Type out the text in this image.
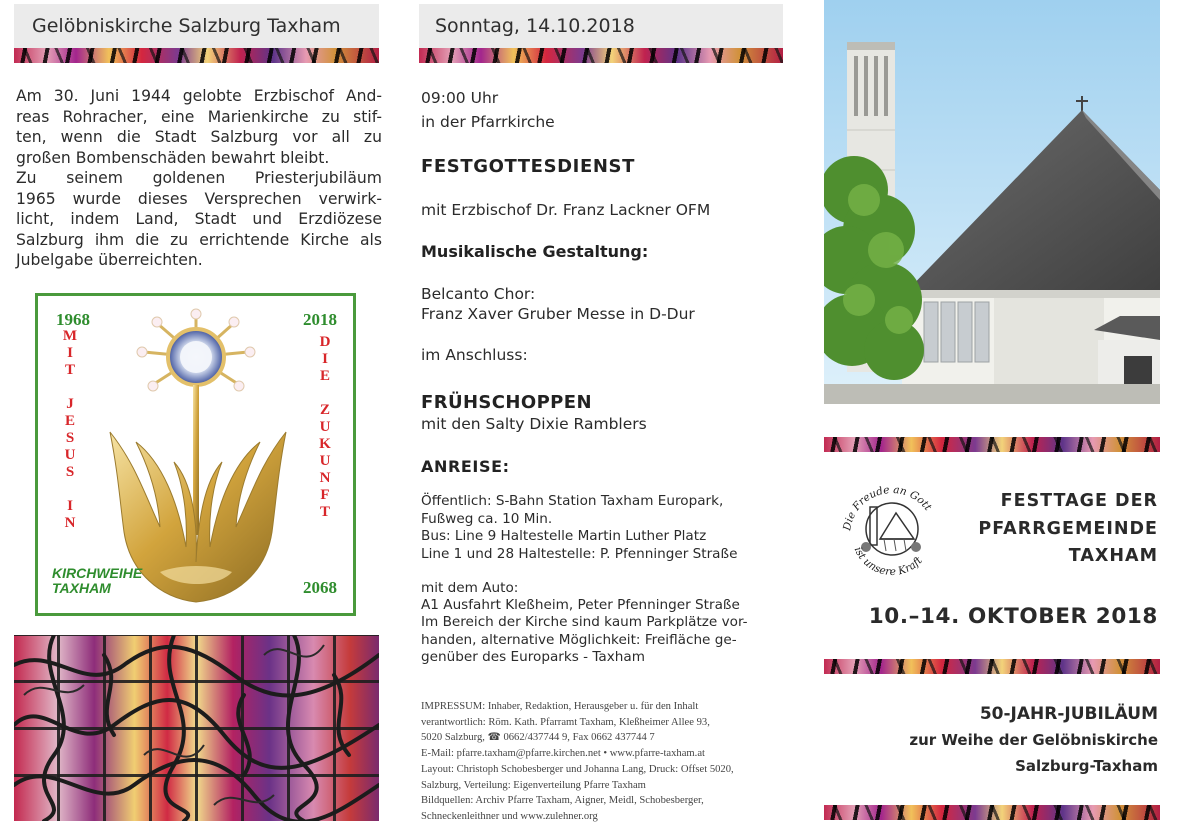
Gelöbniskirche Salzburg Taxham
Am 30. Juni 1944 gelobte Erzbischof And-
reas Rohracher, eine Marienkirche zu stif-
ten, wenn die Stadt Salzburg vor all zu
großen Bombenschäden bewahrt bleibt.
Zu seinem goldenen Priesterjubiläum
1965 wurde dieses Versprechen verwirk-
licht, indem Land, Stadt und Erzdiözese
Salzburg ihm die zu errichtende Kirche als
Jubelgabe überreichten.
1968	2018
2068
M
I
T
J
E
S
U
S
I
N
D
I
E
Z
U
K
U
N
F
T
KIRCHWEIHE
TAXHAM
Sonntag, 14.10.2018
09:00 Uhr
in der Pfarrkirche
FESTGOTTESDIENST
mit Erzbischof Dr. Franz Lackner OFM
Musikalische Gestaltung:
Belcanto Chor:
Franz Xaver Gruber Messe in D-Dur
im Anschluss:
FRÜHSCHOPPEN
mit den Salty Dixie Ramblers
ANREISE:
Öffentlich: S-Bahn Station Taxham Europark,
Fußweg ca. 10 Min.
Bus: Line 9 Haltestelle Martin Luther Platz
Line 1 und 28 Haltestelle: P. Pfenninger Straße
mit dem Auto:
A1 Ausfahrt Kleßheim, Peter Pfenninger Straße
Im Bereich der Kirche sind kaum Parkplätze vor-
handen, alternative Möglichkeit: Freifläche ge-
genüber des Europarks - Taxham
IMPRESSUM: Inhaber, Redaktion, Herausgeber u. für den Inhalt
verantwortlich: Röm. Kath. Pfarramt Taxham, Kleßheimer Allee 93,
5020 Salzburg, ☎ 0662/437744 9, Fax 0662 437744 7
E-Mail: pfarre.taxham@pfarre.kirchen.net • www.pfarre-taxham.at
Layout: Christoph Schobesberger und Johanna Lang, Druck: Offset 5020,
Salzburg, Verteilung: Eigenverteilung Pfarre Taxham
Bildquellen: Archiv Pfarre Taxham, Aigner, Meidl, Schobesberger,
Schneckenleithner und www.zulehner.org
Die Freude an Gott
ist unsere Kraft
FESTTAGE DER
PFARRGEMEINDE
TAXHAM
10.–14. OKTOBER 2018
50-JAHR-JUBILÄUM
zur Weihe der Gelöbniskirche
Salzburg-Taxham
